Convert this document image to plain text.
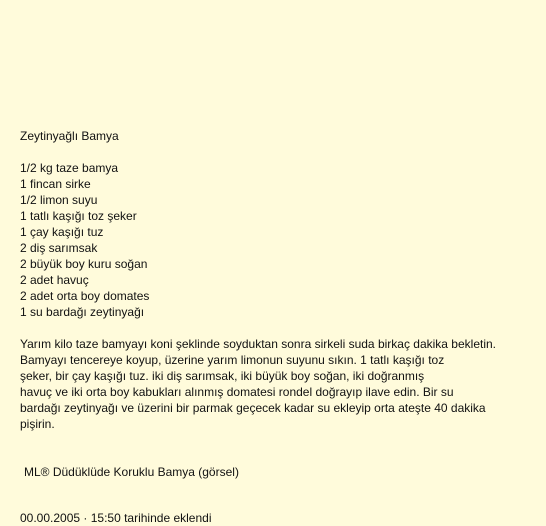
Zeytinyağlı Bamya
1/2 kg taze bamya
1 fincan sirke
1/2 limon suyu
1 tatlı kaşığı toz şeker
1 çay kaşığı tuz
2 diş sarımsak
2 büyük boy kuru soğan
2 adet havuç
2 adet orta boy domates
1 su bardağı zeytinyağı

Yarım kilo taze bamyayı koni şeklinde soyduktan sonra sirkeli suda birkaç dakika bekletin.
Bamyayı tencereye koyup, üzerine yarım limonun suyunu sıkın. 1 tatlı kaşığı toz
şeker, bir çay kaşığı tuz. iki diş sarımsak, iki büyük boy soğan, iki doğranmış
havuç ve iki orta boy kabukları alınmış domatesi rondel doğrayıp ilave edin. Bir su
bardağı zeytinyağı ve üzerini bir parmak geçecek kadar su ekleyip orta ateşte 40 dakika
pişirin.

ML® Düdüklüde Koruklu Bamya (görsel)
00.00.2005 · 15:50 tarihinde eklendi
